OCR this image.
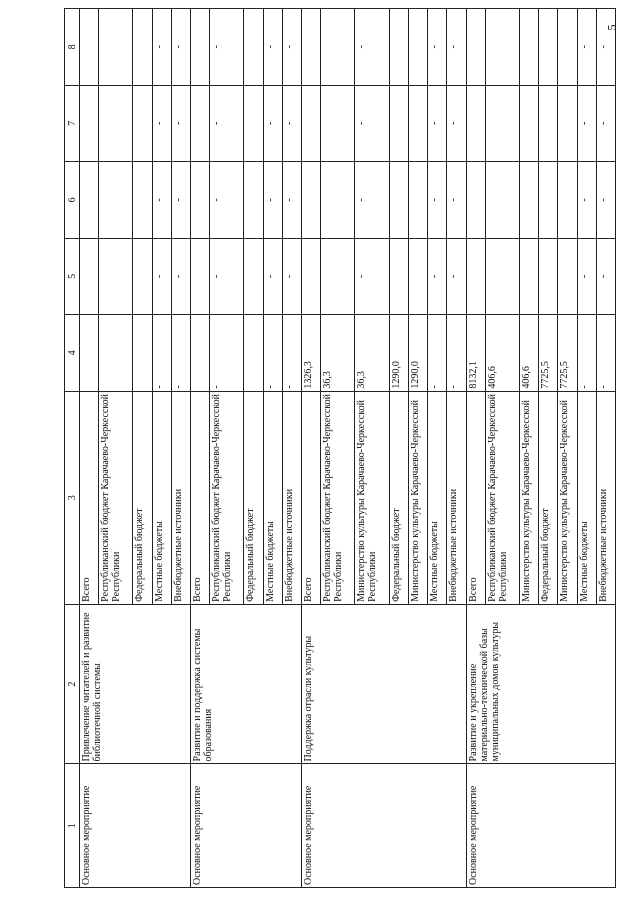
5
1	2	3	4	5	6	7	8
Основное мероприятие	Привлечение читателей и развитие библиотечной системы	Всего					
		Республиканский бюджет Карачаево-Черкесской Республики					
		Федеральный бюджет					
		Местные бюджеты	-	-	-	-	-
		Внебюджетные источники	-	-	-	-	-
Основное мероприятие	Развитие и поддержка системы образования	Всего					
		Республиканский бюджет Карачаево-Черкесской Республики	-	-	-	-	-
		Федеральный бюджет					
		Местные бюджеты	-	-	-	-	-
		Внебюджетные источники	-	-	-	-	-
Основное мероприятие	Поддержка отрасли культуры	Всего	1326,3				
		Республиканский бюджет Карачаево-Черкесской Республики	36,3				
		Министерство культуры Карачаево-Черкесской Республики	36,3	-	-	-	-
		Федеральный бюджет	1290,0				
		Министерство культуры Карачаево-Черкесской	1290,0				
		Местные бюджеты	-	-	-	-	-
		Внебюджетные источники	-	-	-	-	-
Основное мероприятие	Развитие и укрепление материально-технической базы муниципальных домов культуры	Всего	8132,1				
		Республиканский бюджет Карачаево-Черкесской Республики	406,6				
		Министерство культуры Карачаево-Черкесской	406,6				
		Федеральный бюджет	7725,5				
		Министерство культуры Карачаево-Черкесской	7725,5				
		Местные бюджеты	-	-	-	-	-
		Внебюджетные источники	-	-	-	-	-
